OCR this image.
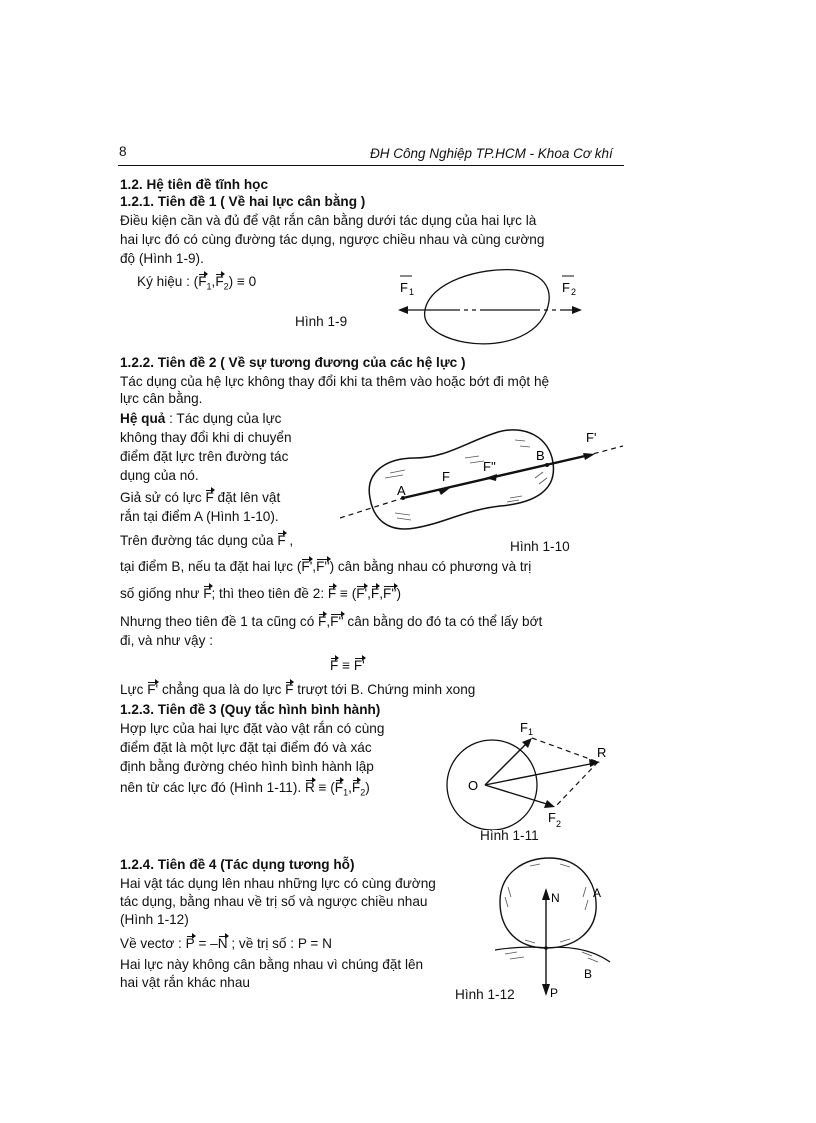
8	ĐH Công Nghiệp TP.HCM - Khoa Cơ khí
1.2. Hệ tiên đề tĩnh học
1.2.1. Tiên đề 1 ( Về hai lực cân bằng )
Điều kiện cần và đủ để vật rắn cân bằng dưới tác dụng của hai lực là
hai lực đó có cùng đường tác dụng, ngược chiều nhau và cùng cường
độ (Hình 1-9).
Ký hiệu : $(F_1,F_2) \equiv 0$
Hình 1-9
F 1	F 2
1.2.2. Tiên đề 2 ( Về sự tương đương của các hệ lực )
Tác dụng của hệ lực không thay đổi khi ta thêm vào hoặc bớt đi một hệ
lực cân bằng.
Hệ quả : Tác dụng của lực
không thay đổi khi di chuyển
điểm đặt lực trên đường tác
dụng của nó.
Giả sử có lực F đặt lên vật
rắn tại điểm A (Hình 1-10).
Trên đường tác dụng của F ,	Hình 1-10
tại điểm B, nếu ta đặt hai lực (F',F'') cân bằng nhau có phương và trị
số giống như F; thì theo tiên đề 2: F ≡ (F',F,F'')
Nhưng theo tiên đề 1 ta cũng có F,F'' cân bằng do đó ta có thể lấy bớt
đi, và như vậy :
F ≡ F'
Lực F' chẳng qua là do lực F trượt tới B. Chứng minh xong
A
B
F
F''
F'
1.2.3. Tiên đề 3 (Quy tắc hình bình hành)
Hợp lực của hai lực đặt vào vật rắn có cùng
điểm đặt là một lực đặt tại điểm đó và xác
định bằng đường chéo hình bình hành lập
nên từ các lực đó (Hình 1-11). $R \equiv (F_1,F_2)$
Hình 1-11
O
R
F 1
F 2
1.2.4. Tiên đề 4 (Tác dụng tương hỗ)
Hai vật tác dụng lên nhau những lực có cùng đường
tác dụng, bằng nhau về trị số và ngược chiều nhau
(Hình 1-12)
Về vectơ : P = –N ; về trị số : P = N
Hai lực này không cân bằng nhau vì chúng đặt lên
hai vật rắn khác nhau
Hình 1-12
N
P
A
B
